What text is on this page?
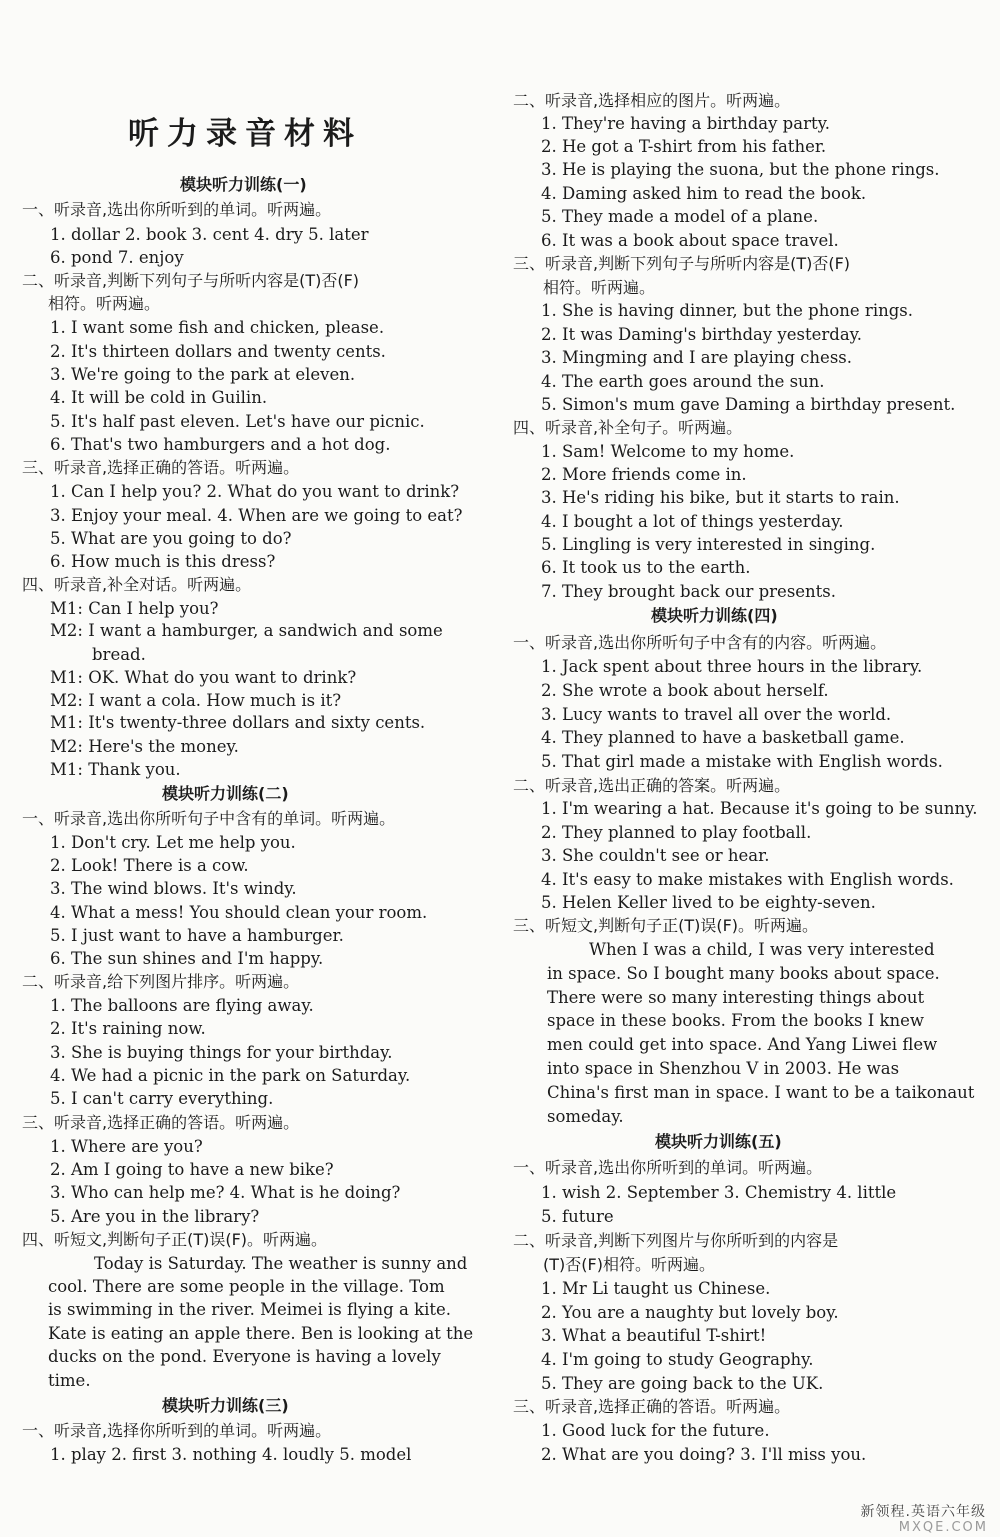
听力录音材料
模块听力训练(一)
一、听录音,选出你所听到的单词。听两遍。
1. dollar 2. book 3. cent 4. dry 5. later
6. pond 7. enjoy
二、听录音,判断下列句子与所听内容是(T)否(F)
相符。听两遍。
1. I want some fish and chicken, please.
2. It's thirteen dollars and twenty cents.
3. We're going to the park at eleven.
4. It will be cold in Guilin.
5. It's half past eleven. Let's have our picnic.
6. That's two hamburgers and a hot dog.
三、听录音,选择正确的答语。听两遍。
1. Can I help you? 2. What do you want to drink?
3. Enjoy your meal. 4. When are we going to eat?
5. What are you going to do?
6. How much is this dress?
四、听录音,补全对话。听两遍。
M1: Can I help you?
M2: I want a hamburger, a sandwich and some
bread.
M1: OK. What do you want to drink?
M2: I want a cola. How much is it?
M1: It's twenty-three dollars and sixty cents.
M2: Here's the money.
M1: Thank you.
模块听力训练(二)
一、听录音,选出你所听句子中含有的单词。听两遍。
1. Don't cry. Let me help you.
2. Look! There is a cow.
3. The wind blows. It's windy.
4. What a mess! You should clean your room.
5. I just want to have a hamburger.
6. The sun shines and I'm happy.
二、听录音,给下列图片排序。听两遍。
1. The balloons are flying away.
2. It's raining now.
3. She is buying things for your birthday.
4. We had a picnic in the park on Saturday.
5. I can't carry everything.
三、听录音,选择正确的答语。听两遍。
1. Where are you?
2. Am I going to have a new bike?
3. Who can help me? 4. What is he doing?
5. Are you in the library?
四、听短文,判断句子正(T)误(F)。听两遍。
Today is Saturday. The weather is sunny and
cool. There are some people in the village. Tom
is swimming in the river. Meimei is flying a kite.
Kate is eating an apple there. Ben is looking at the
ducks on the pond. Everyone is having a lovely
time.
模块听力训练(三)
一、听录音,选择你所听到的单词。听两遍。
1. play 2. first 3. nothing 4. loudly 5. model
二、听录音,选择相应的图片。听两遍。
1. They're having a birthday party.
2. He got a T-shirt from his father.
3. He is playing the suona, but the phone rings.
4. Daming asked him to read the book.
5. They made a model of a plane.
6. It was a book about space travel.
三、听录音,判断下列句子与所听内容是(T)否(F)
相符。听两遍。
1. She is having dinner, but the phone rings.
2. It was Daming's birthday yesterday.
3. Mingming and I are playing chess.
4. The earth goes around the sun.
5. Simon's mum gave Daming a birthday present.
四、听录音,补全句子。听两遍。
1. Sam! Welcome to my home.
2. More friends come in.
3. He's riding his bike, but it starts to rain.
4. I bought a lot of things yesterday.
5. Lingling is very interested in singing.
6. It took us to the earth.
7. They brought back our presents.
模块听力训练(四)
一、听录音,选出你所听句子中含有的内容。听两遍。
1. Jack spent about three hours in the library.
2. She wrote a book about herself.
3. Lucy wants to travel all over the world.
4. They planned to have a basketball game.
5. That girl made a mistake with English words.
二、听录音,选出正确的答案。听两遍。
1. I'm wearing a hat. Because it's going to be sunny.
2. They planned to play football.
3. She couldn't see or hear.
4. It's easy to make mistakes with English words.
5. Helen Keller lived to be eighty-seven.
三、听短文,判断句子正(T)误(F)。听两遍。
When I was a child, I was very interested
in space. So I bought many books about space.
There were so many interesting things about
space in these books. From the books I knew
men could get into space. And Yang Liwei flew
into space in Shenzhou V in 2003. He was
China's first man in space. I want to be a taikonaut
someday.
模块听力训练(五)
一、听录音,选出你所听到的单词。听两遍。
1. wish 2. September 3. Chemistry 4. little
5. future
二、听录音,判断下列图片与你所听到的内容是
(T)否(F)相符。听两遍。
1. Mr Li taught us Chinese.
2. You are a naughty but lovely boy.
3. What a beautiful T-shirt!
4. I'm going to study Geography.
5. They are going back to the UK.
三、听录音,选择正确的答语。听两遍。
1. Good luck for the future.
2. What are you doing? 3. I'll miss you.
新领程.英语六年级
MXQE.COM
